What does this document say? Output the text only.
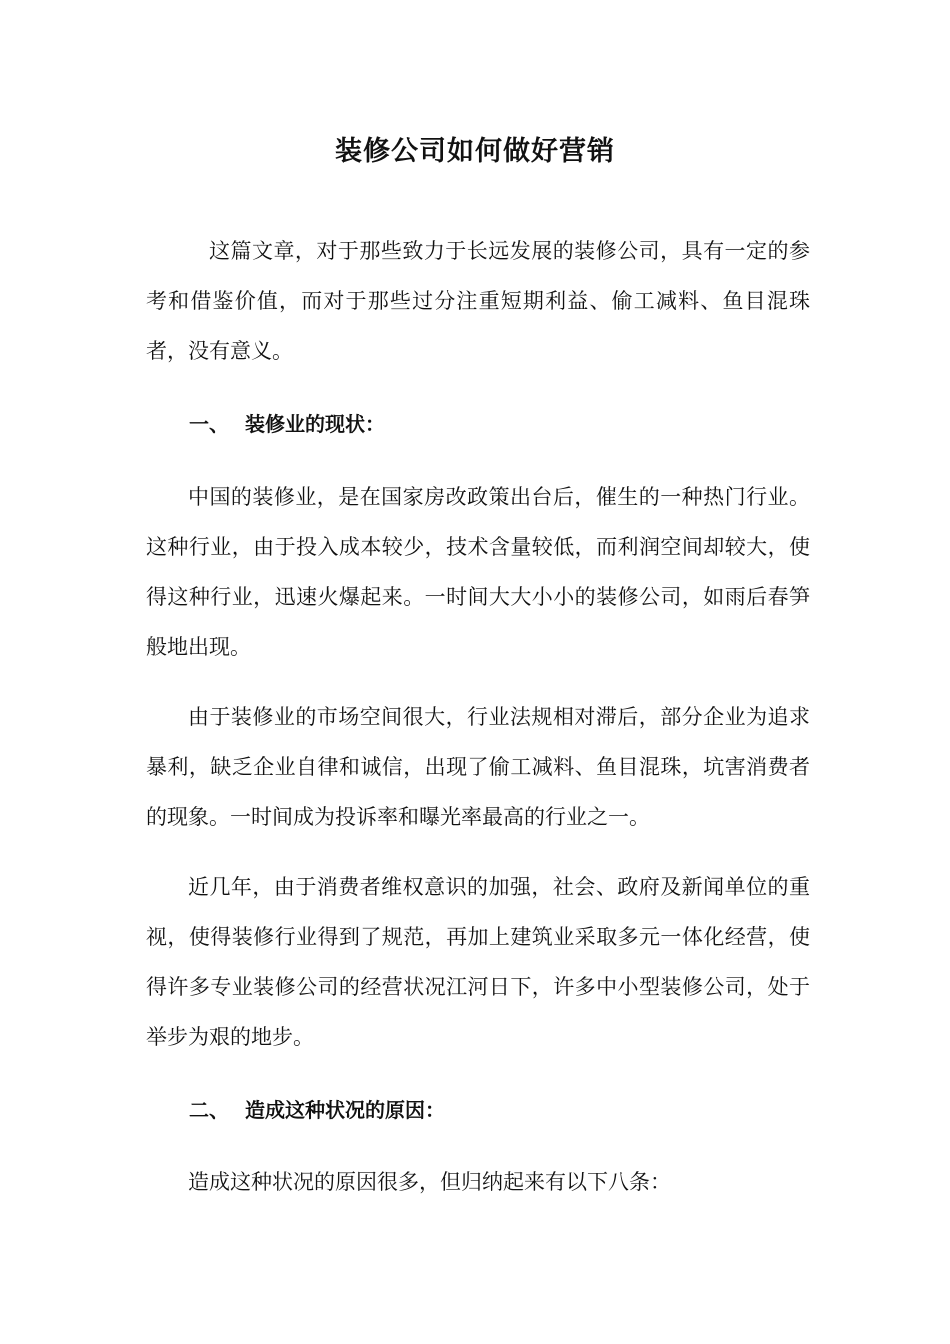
装修公司如何做好营销

这篇文章，对于那些致力于长远发展的装修公司，具有一定的参考和借鉴价值，而对于那些过分注重短期利益、偷工减料、鱼目混珠者，没有意义。

一、 装修业的现状：

中国的装修业，是在国家房改政策出台后，催生的一种热门行业。这种行业，由于投入成本较少，技术含量较低，而利润空间却较大，使得这种行业，迅速火爆起来。一时间大大小小的装修公司，如雨后春笋般地出现。

由于装修业的市场空间很大，行业法规相对滞后，部分企业为追求暴利，缺乏企业自律和诚信，出现了偷工减料、鱼目混珠，坑害消费者的现象。一时间成为投诉率和曝光率最高的行业之一。

近几年，由于消费者维权意识的加强，社会、政府及新闻单位的重视，使得装修行业得到了规范，再加上建筑业采取多元一体化经营，使得许多专业装修公司的经营状况江河日下，许多中小型装修公司，处于举步为艰的地步。

二、 造成这种状况的原因：

造成这种状况的原因很多，但归纳起来有以下八条：
